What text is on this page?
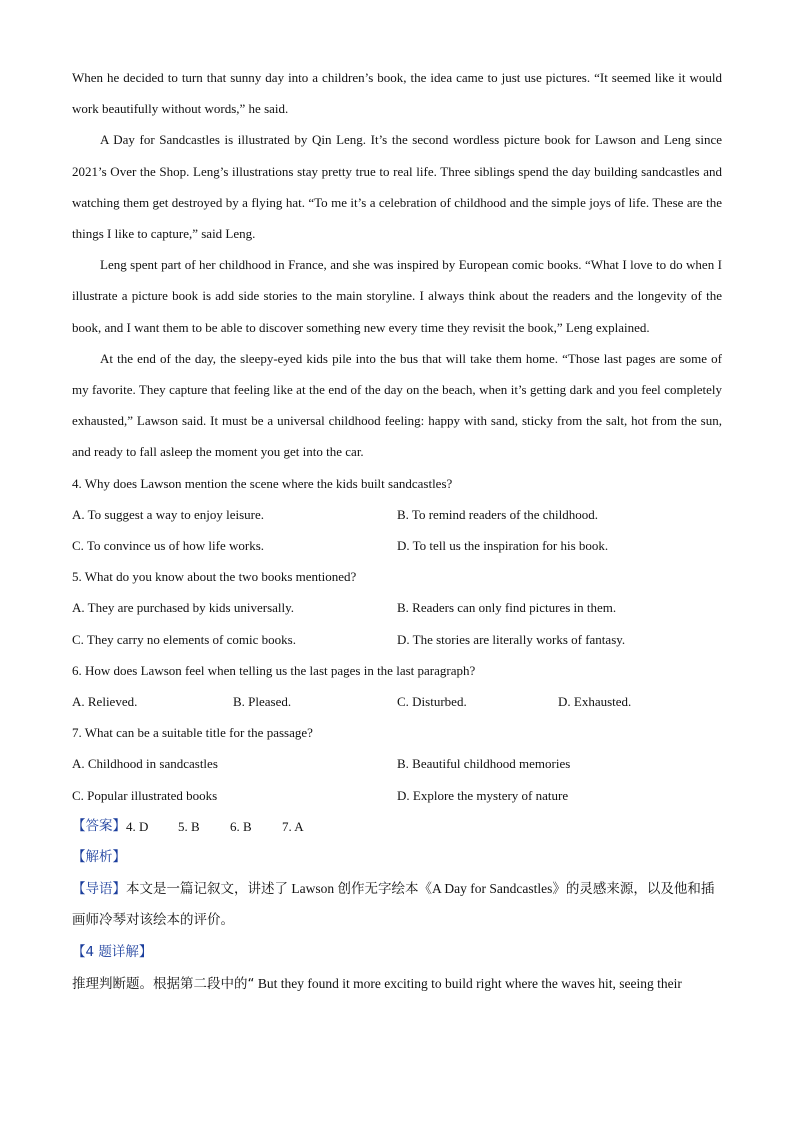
When he decided to turn that sunny day into a children’s book, the idea came to just use pictures. “It seemed like it would work beautifully without words,” he said.

A Day for Sandcastles is illustrated by Qin Leng. It’s the second wordless picture book for Lawson and Leng since 2021’s Over the Shop. Leng’s illustrations stay pretty true to real life. Three siblings spend the day building sandcastles and watching them get destroyed by a flying hat. “To me it’s a celebration of childhood and the simple joys of life. These are the things I like to capture,” said Leng.

Leng spent part of her childhood in France, and she was inspired by European comic books. “What I love to do when I illustrate a picture book is add side stories to the main storyline. I always think about the readers and the longevity of the book, and I want them to be able to discover something new every time they revisit the book,” Leng explained.

At the end of the day, the sleepy-eyed kids pile into the bus that will take them home. “Those last pages are some of my favorite. They capture that feeling like at the end of the day on the beach, when it’s getting dark and you feel completely exhausted,” Lawson said. It must be a universal childhood feeling: happy with sand, sticky from the salt, hot from the sun, and ready to fall asleep the moment you get into the car.

4. Why does Lawson mention the scene where the kids built sandcastles?

A. To suggest a way to enjoy leisure.	B. To remind readers of the childhood.
C. To convince us of how life works.	D. To tell us the inspiration for his book.

5. What do you know about the two books mentioned?

A. They are purchased by kids universally.	B. Readers can only find pictures in them.
C. They carry no elements of comic books.	D. The stories are literally works of fantasy.

6. How does Lawson feel when telling us the last pages in the last paragraph?

A. Relieved.	B. Pleased.	C. Disturbed.	D. Exhausted.

7. What can be a suitable title for the passage?

A. Childhood in sandcastles	B. Beautiful childhood memories
C. Popular illustrated books	D. Explore the mystery of nature
【答案】 4. D	5. B	6. B	7. A

【解析】

【导语】本文是一篇记叙文，讲述了 Lawson 创作无字绘本《A Day for Sandcastles》的灵感来源，以及他和插画师冷琴对该绘本的评价。

【4 题详解】

推理判断题。根据第二段中的“ But they found it more exciting to build right where the waves hit, seeing their
